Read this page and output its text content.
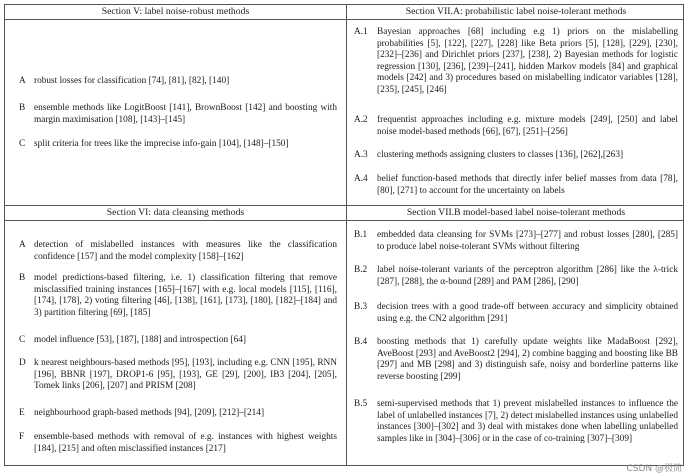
Section V: label noise-robust methods	Section VII.A: probabilistic label noise-tolerant methods
A robust losses for classification [74], [81], [82], [140]
B ensemble methods like LogitBoost [141], BrownBoost [142] and boosting with margin maximisation [108], [143]–[145]
C split criteria for trees like the imprecise info-gain [104], [148]–[150]
A.1	Bayesian approaches [68] including e.g 1) priors on the mislabelling probabilities [5], [122], [227], [228] like Beta priors [5], [128], [229], [230], [232]–[236] and Dirichlet priors [237], [238], 2) Bayesian methods for logistic regression [130], [236], [239]–[241], hidden Markov models [84] and graphical models [242] and 3) procedures based on mislabelling indicator variables [128], [235], [245], [246]
A.2	frequentist approaches including e.g. mixture models [249], [250] and label noise model-based methods [66], [67], [251]–[256]
A.3	clustering methods assigning clusters to classes [136], [262],[263]
A.4	belief function-based methods that directly infer belief masses from data [78], [80], [271] to account for the uncertainty on labels
Section VI: data cleansing methods	Section VII.B model-based label noise-tolerant methods
A detection of mislabelled instances with measures like the classification confidence [157] and the model complexity [158]–[162]
B model predictions-based filtering, i.e. 1) classification filtering that remove misclassified training instances [165]–[167] with e.g. local models [115], [116], [174], [178], 2) voting filtering [46], [138], [161], [173], [180], [182]–[184] and 3) partition filtering [69], [185]
C model influence [53], [187], [188] and introspection [64]
D k nearest neighbours-based methods [95], [193], including e.g. CNN [195], RNN [196], BBNR [197], DROP1-6 [95], [193], GE [29], [200], IB3 [204], [205], Tomek links [206], [207] and PRISM [208]
E	neighbourhood graph-based methods [94], [209], [212]–[214]
F	ensemble-based methods with removal of e.g. instances with highest weights [184], [215] and often misclassified instances [217]
B.1	embedded data cleansing for SVMs [273]–[277] and robust losses [280], [285] to produce label noise-tolerant SVMs without filtering
B.2	label noise-tolerant variants of the perceptron algorithm [286] like the λ-trick [287], [288], the α-bound [289] and PAM [286], [290]
B.3	decision trees with a good trade-off between accuracy and simplicity obtained using e.g. the CN2 algorithm [291]
B.4	boosting methods that 1) carefully update weights like MadaBoost [292], AveBoost [293] and AveBoost2 [294], 2) combine bagging and boosting like BB [297] and MB [298] and 3) distinguish safe, noisy and borderline patterns like reverse boosting [299]
B.5	semi-supervised methods that 1) prevent mislabelled instances to influence the label of unlabelled instances [7], 2) detect mislabelled instances using unlabelled instances [300]–[302] and 3) deal with mistakes done when labelling unlabelled samples like in [304]–[306] or in the case of co-training [307]–[309]
CSDN @极简
